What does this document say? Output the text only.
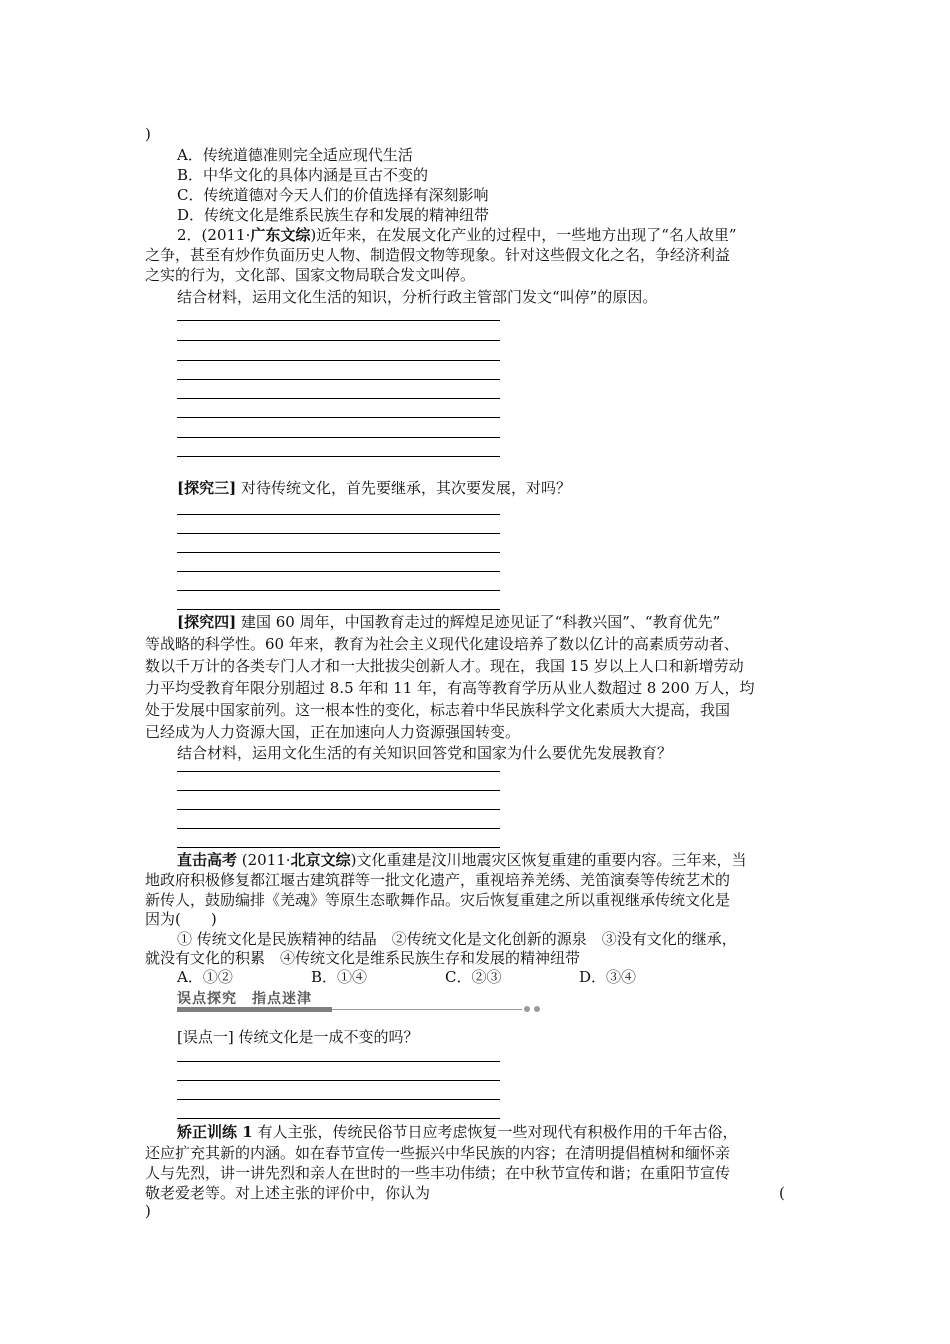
)
A．传统道德准则完全适应现代生活
B．中华文化的具体内涵是亘古不变的
C．传统道德对今天人们的价值选择有深刻影响
D．传统文化是维系民族生存和发展的精神纽带
2．(2011·广东文综)近年来，在发展文化产业的过程中，一些地方出现了“名人故里”
之争，甚至有炒作负面历史人物、制造假文物等现象。针对这些假文化之名，争经济利益
之实的行为，文化部、国家文物局联合发文叫停。
结合材料，运用文化生活的知识，分析行政主管部门发文“叫停”的原因。
[探究三] 对待传统文化，首先要继承，其次要发展，对吗？
[探究四] 建国 60 周年，中国教育走过的辉煌足迹见证了“科教兴国”、“教育优先”
等战略的科学性。60 年来，教育为社会主义现代化建设培养了数以亿计的高素质劳动者、
数以千万计的各类专门人才和一大批拔尖创新人才。现在，我国 15 岁以上人口和新增劳动
力平均受教育年限分别超过 8.5 年和 11 年，有高等教育学历从业人数超过 8 200 万人，均
处于发展中国家前列。这一根本性的变化，标志着中华民族科学文化素质大大提高，我国
已经成为人力资源大国，正在加速向人力资源强国转变。
结合材料，运用文化生活的有关知识回答党和国家为什么要优先发展教育？
直击高考 (2011·北京文综)文化重建是汶川地震灾区恢复重建的重要内容。三年来，当
地政府积极修复都江堰古建筑群等一批文化遗产，重视培养羌绣、羌笛演奏等传统艺术的
新传人，鼓励编排《羌魂》等原生态歌舞作品。灾后恢复重建之所以重视继承传统文化是
因为(　　)
① 传统文化是民族精神的结晶　②传统文化是文化创新的源泉　③没有文化的继承，
就没有文化的积累　④传统文化是维系民族生存和发展的精神纽带
A．①②	B．①④	C．②③	D．③④
误点探究　指点迷津
[误点一] 传统文化是一成不变的吗？
矫正训练 1 有人主张，传统民俗节日应考虑恢复一些对现代有积极作用的千年古俗，
还应扩充其新的内涵。如在春节宣传一些振兴中华民族的内容；在清明提倡植树和缅怀亲
人与先烈，讲一讲先烈和亲人在世时的一些丰功伟绩；在中秋节宣传和谐；在重阳节宣传
敬老爱老等。对上述主张的评价中，你认为	(
)
